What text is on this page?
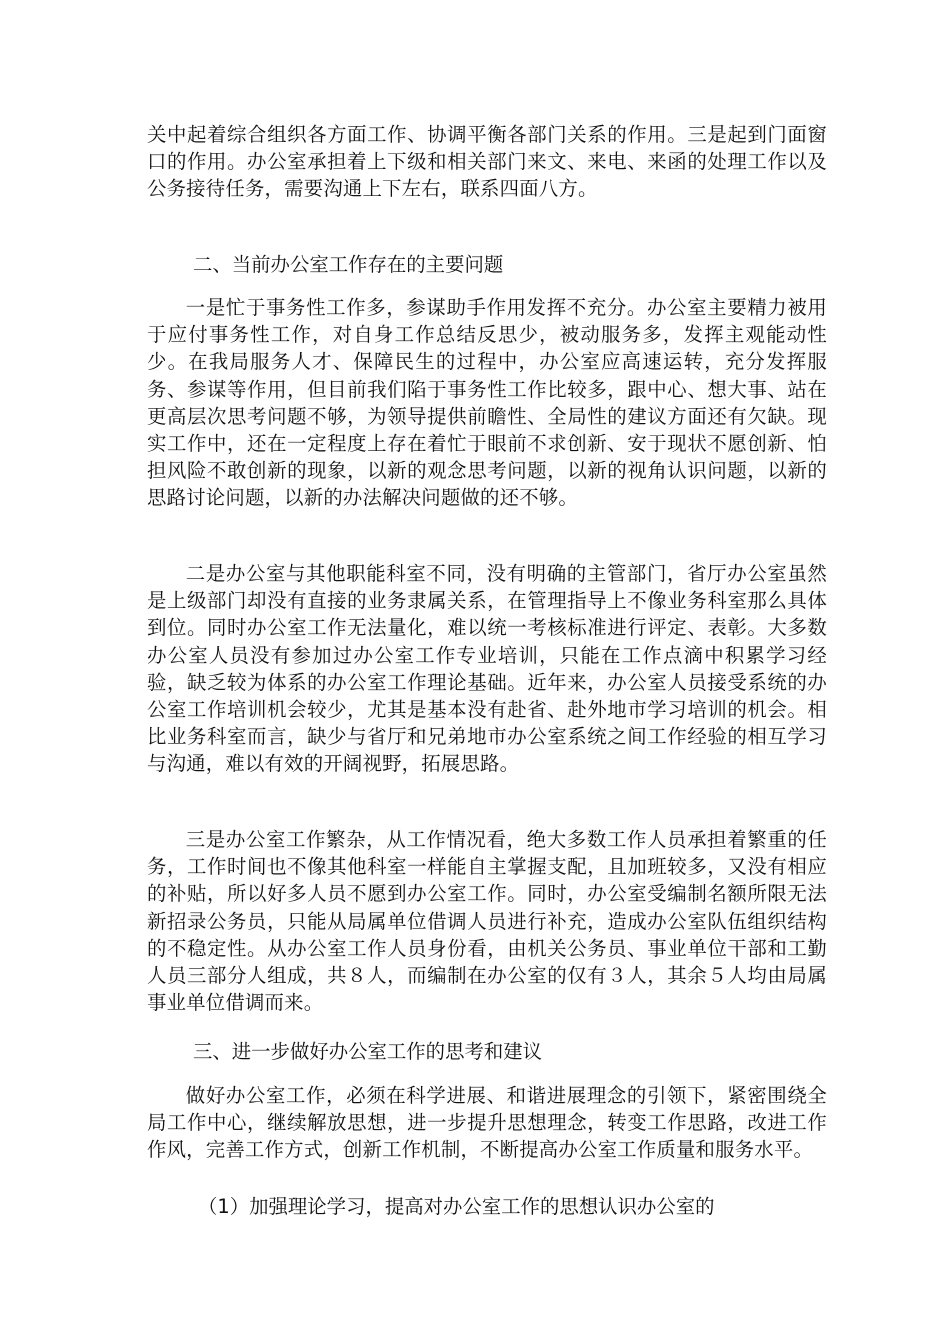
关中起着综合组织各方面工作、协调平衡各部门关系的作用。三是起到门面窗口的作用。办公室承担着上下级和相关部门来文、来电、来函的处理工作以及公务接待任务，需要沟通上下左右，联系四面八方。

二、当前办公室工作存在的主要问题

一是忙于事务性工作多，参谋助手作用发挥不充分。办公室主要精力被用于应付事务性工作，对自身工作总结反思少，被动服务多，发挥主观能动性少。在我局服务人才、保障民生的过程中，办公室应高速运转，充分发挥服务、参谋等作用，但目前我们陷于事务性工作比较多，跟中心、想大事、站在更高层次思考问题不够，为领导提供前瞻性、全局性的建议方面还有欠缺。现实工作中，还在一定程度上存在着忙于眼前不求创新、安于现状不愿创新、怕担风险不敢创新的现象，以新的观念思考问题，以新的视角认识问题，以新的思路讨论问题，以新的办法解决问题做的还不够。

二是办公室与其他职能科室不同，没有明确的主管部门，省厅办公室虽然是上级部门却没有直接的业务隶属关系，在管理指导上不像业务科室那么具体到位。同时办公室工作无法量化，难以统一考核标准进行评定、表彰。大多数办公室人员没有参加过办公室工作专业培训，只能在工作点滴中积累学习经验，缺乏较为体系的办公室工作理论基础。近年来，办公室人员接受系统的办公室工作培训机会较少，尤其是基本没有赴省、赴外地市学习培训的机会。相比业务科室而言，缺少与省厅和兄弟地市办公室系统之间工作经验的相互学习与沟通，难以有效的开阔视野，拓展思路。

三是办公室工作繁杂，从工作情况看，绝大多数工作人员承担着繁重的任务，工作时间也不像其他科室一样能自主掌握支配，且加班较多，又没有相应的补贴，所以好多人员不愿到办公室工作。同时，办公室受编制名额所限无法新招录公务员，只能从局属单位借调人员进行补充，造成办公室队伍组织结构的不稳定性。从办公室工作人员身份看，由机关公务员、事业单位干部和工勤人员三部分人组成，共８人，而编制在办公室的仅有３人，其余５人均由局属事业单位借调而来。

三、进一步做好办公室工作的思考和建议

做好办公室工作，必须在科学进展、和谐进展理念的引领下，紧密围绕全局工作中心，继续解放思想，进一步提升思想理念，转变工作思路，改进工作作风，完善工作方式，创新工作机制，不断提高办公室工作质量和服务水平。

（1）加强理论学习，提高对办公室工作的思想认识办公室的
